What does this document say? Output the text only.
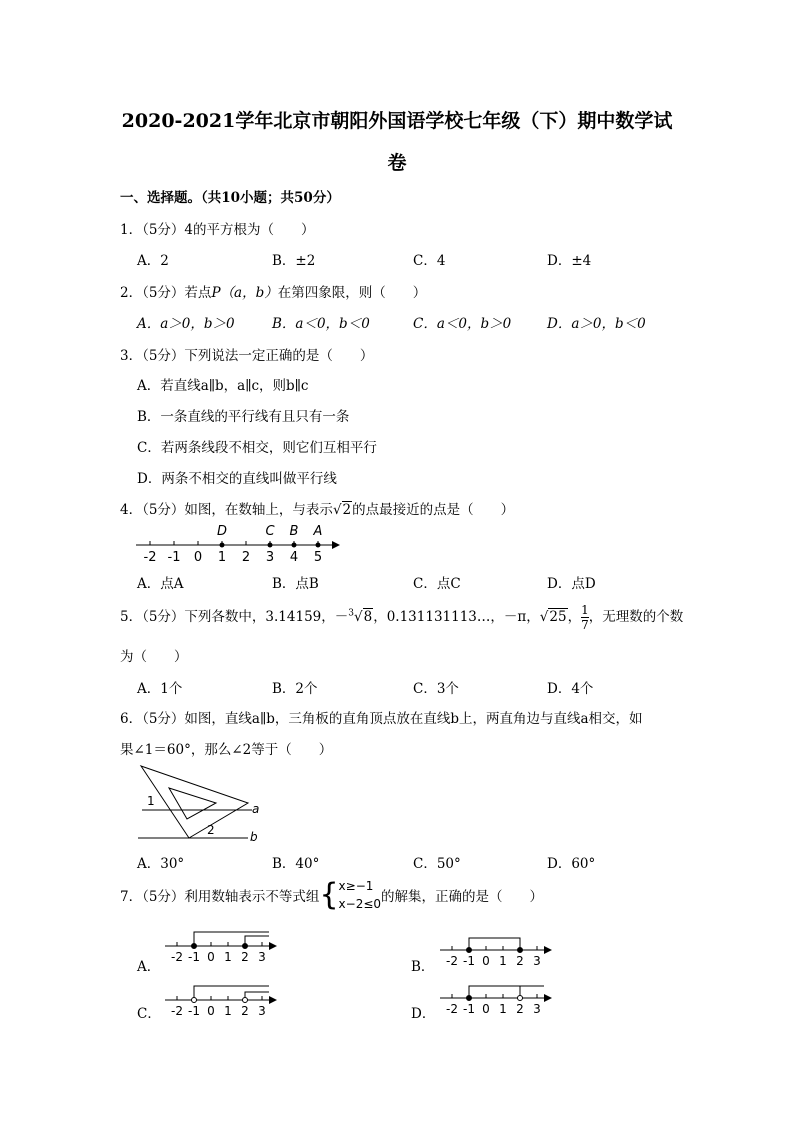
2020-2021学年北京市朝阳外国语学校七年级（下）期中数学试
卷
一、选择题。（共10小题；共50分）
1．（5分）4的平方根为（　　）
A．2	B．±2	C．4	D．±4
2．（5分）若点P（a，b）在第四象限，则（　　）
A．a＞0，b＞0	B．a＜0，b＜0	C．a＜0，b＞0	D．a＞0，b＜0
3．（5分）下列说法一定正确的是（　　）
A．若直线a∥b，a∥c，则b∥c
B．一条直线的平行线有且只有一条
C．若两条线段不相交，则它们互相平行
D．两条不相交的直线叫做平行线
4．（5分）如图，在数轴上，与表示√2的点最接近的点是（　　）
-2 -1 0 1 2 3 4 5
D	C B A
A．点A	B．点B	C．点C	D．点D
5．（5分）下列各数中，3.14159，－$^3$√8，0.131131113…，－π，√25， $\frac{1}{7}$ ，无理数的个数
为（　　）
A．1个	B．2个	C．3个	D．4个
6．（5分）如图，直线a∥b，三角板的直角顶点放在直线b上，两直角边与直线a相交，如
果∠1＝60°，那么∠2等于（　　）
1
2
a
b
A．30°	B．40°	C．50°	D．60°
7．（5分）利用数轴表示不等式组{ x≥−1
x−2≤0 的解集，正确的是（　　）
A．
-2 -1 0 1 2 3
B． -2 -1 0 1 2 3
C． -2 -1 0 1 2 3	D． -2 -1 0 1 2 3
